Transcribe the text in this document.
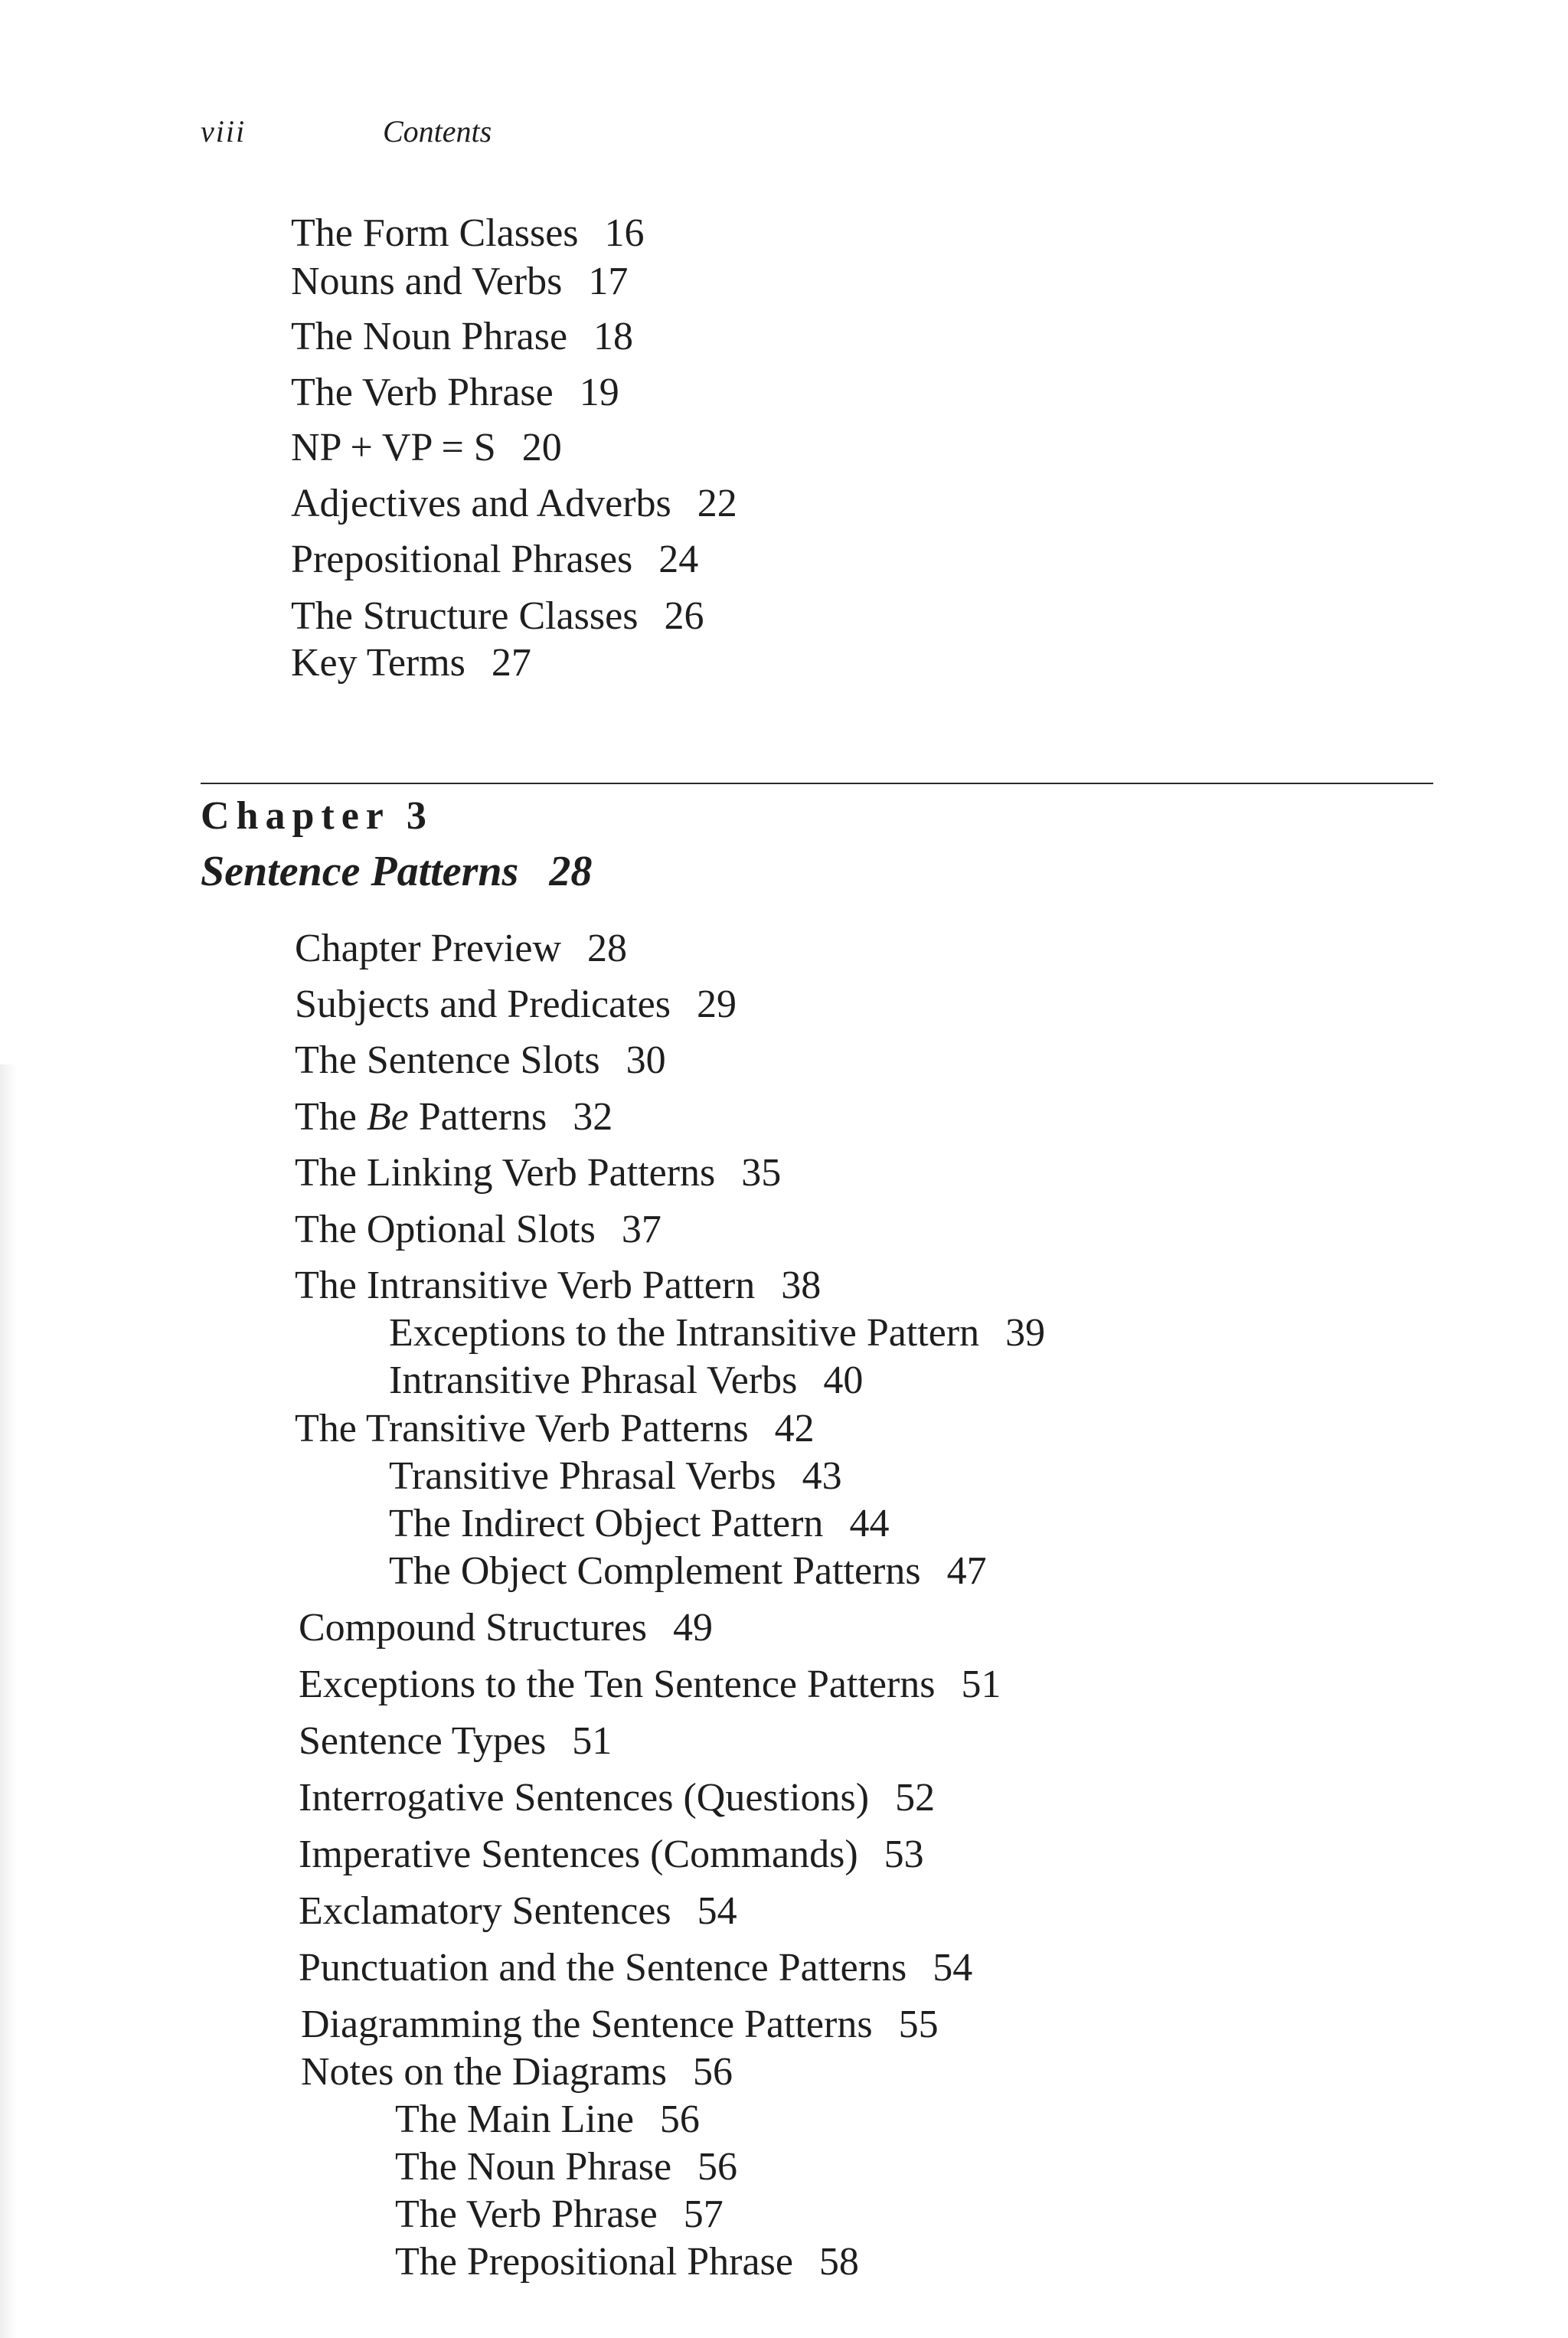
viii	Contents
The Form Classes 16
Nouns and Verbs 17
The Noun Phrase 18
The Verb Phrase 19
NP + VP = S 20
Adjectives and Adverbs 22
Prepositional Phrases 24
The Structure Classes 26
Key Terms 27
Chapter 3
Sentence Patterns 28
Chapter Preview 28
Subjects and Predicates 29
The Sentence Slots 30
The Be Patterns 32
The Linking Verb Patterns 35
The Optional Slots 37
The Intransitive Verb Pattern 38
Exceptions to the Intransitive Pattern 39
Intransitive Phrasal Verbs 40
The Transitive Verb Patterns 42
Transitive Phrasal Verbs 43
The Indirect Object Pattern 44
The Object Complement Patterns 47
Compound Structures 49
Exceptions to the Ten Sentence Patterns 51
Sentence Types 51
Interrogative Sentences (Questions) 52
Imperative Sentences (Commands) 53
Exclamatory Sentences 54
Punctuation and the Sentence Patterns 54
Diagramming the Sentence Patterns 55
Notes on the Diagrams 56
The Main Line 56
The Noun Phrase 56
The Verb Phrase 57
The Prepositional Phrase 58
